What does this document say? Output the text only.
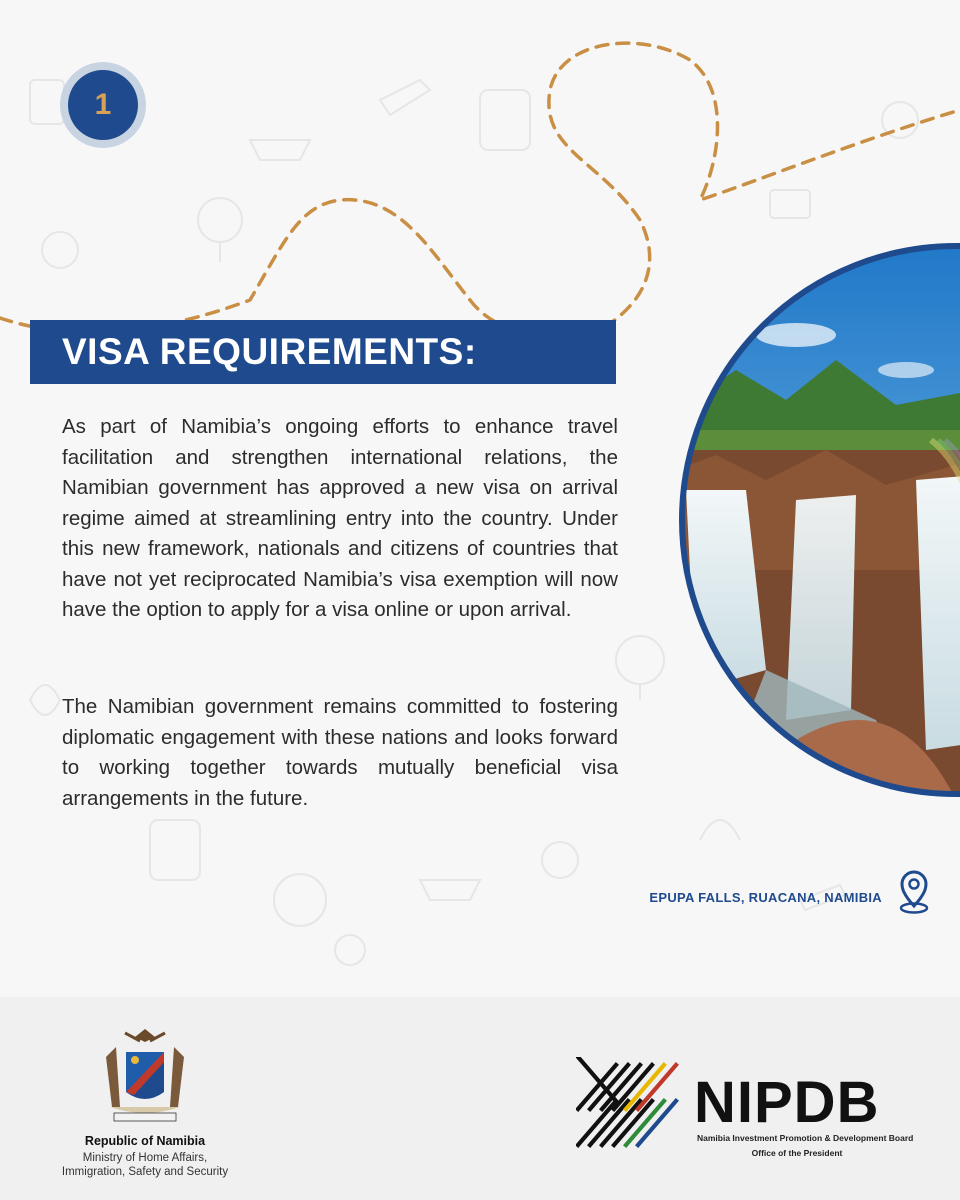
1
VISA REQUIREMENTS:
As part of Namibia’s ongoing efforts to enhance travel facilitation and strengthen international relations, the Namibian government has approved a new visa on arrival regime aimed at streamlining entry into the country. Under this new framework, nationals and citizens of countries that have not yet reciprocated Namibia’s visa exemption will now have the option to apply for a visa online or upon arrival.
The Namibian government remains committed to fostering diplomatic engagement with these nations and looks forward to working together towards mutually beneficial visa arrangements in the future.
EPUPA FALLS, RUACANA, NAMIBIA
Republic of Namibia
Ministry of Home Affairs,
Immigration, Safety and Security
NIPDB
Namibia Investment Promotion & Development Board
Office of the President
